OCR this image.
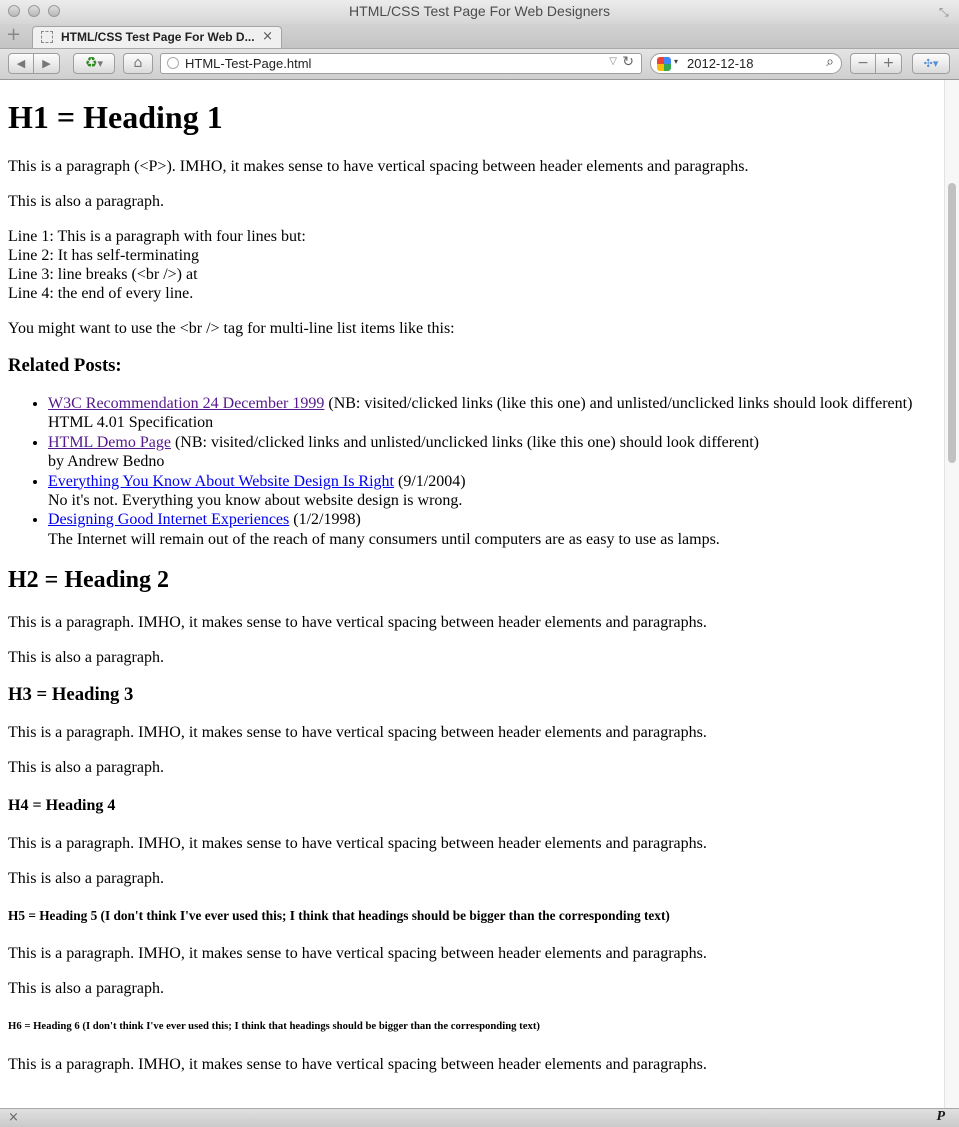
HTML/CSS Test Page For Web Designers	⤡
+	HTML/CSS Test Page For Web D... ×
◀	▶	♻▾	⌂	HTML-Test-Page.html	▽ ↻	▾ 2012-12-18	⌕	− +	✣▾
H1 = Heading 1

This is a paragraph (<P>). IMHO, it makes sense to have vertical spacing between header elements and paragraphs.

This is also a paragraph.

Line 1: This is a paragraph with four lines but:
Line 2: It has self-terminating
Line 3: line breaks (<br />) at
Line 4: the end of every line.

You might want to use the <br /> tag for multi-line list items like this:

Related Posts:
• W3C Recommendation 24 December 1999 (NB: visited/clicked links (like this one) and unlisted/unclicked links should look different)
HTML 4.01 Specification
• HTML Demo Page (NB: visited/clicked links and unlisted/unclicked links (like this one) should look different)
by Andrew Bedno
• Everything You Know About Website Design Is Right (9/1/2004)
No it's not. Everything you know about website design is wrong.
• Designing Good Internet Experiences (1/2/1998)
The Internet will remain out of the reach of many consumers until computers are as easy to use as lamps.
H2 = Heading 2

This is a paragraph. IMHO, it makes sense to have vertical spacing between header elements and paragraphs.

This is also a paragraph.

H3 = Heading 3

This is a paragraph. IMHO, it makes sense to have vertical spacing between header elements and paragraphs.

This is also a paragraph.

H4 = Heading 4

This is a paragraph. IMHO, it makes sense to have vertical spacing between header elements and paragraphs.

This is also a paragraph.

H5 = Heading 5 (I don't think I've ever used this; I think that headings should be bigger than the corresponding text)

This is a paragraph. IMHO, it makes sense to have vertical spacing between header elements and paragraphs.

This is also a paragraph.

H6 = Heading 6 (I don't think I've ever used this; I think that headings should be bigger than the corresponding text)

This is a paragraph. IMHO, it makes sense to have vertical spacing between header elements and paragraphs.

×	P
